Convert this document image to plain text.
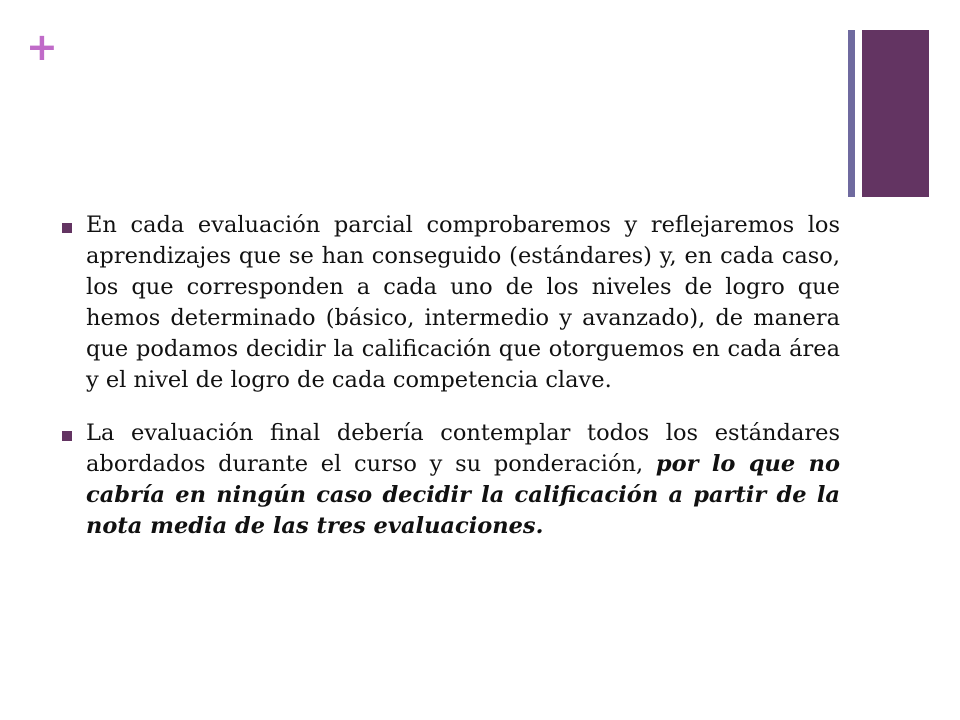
+
En cada evaluación parcial comprobaremos y reflejaremos los aprendizajes que se han conseguido (estándares) y, en cada caso, los que corresponden a cada uno de los niveles de logro que hemos determinado (básico, intermedio y avanzado), de manera que podamos decidir la calificación que otorguemos en cada área y el nivel de logro de cada competencia clave.
La evaluación final debería contemplar todos los estándares abordados durante el curso y su ponderación, por lo que no cabría en ningún caso decidir la calificación a partir de la nota media de las tres evaluaciones.
